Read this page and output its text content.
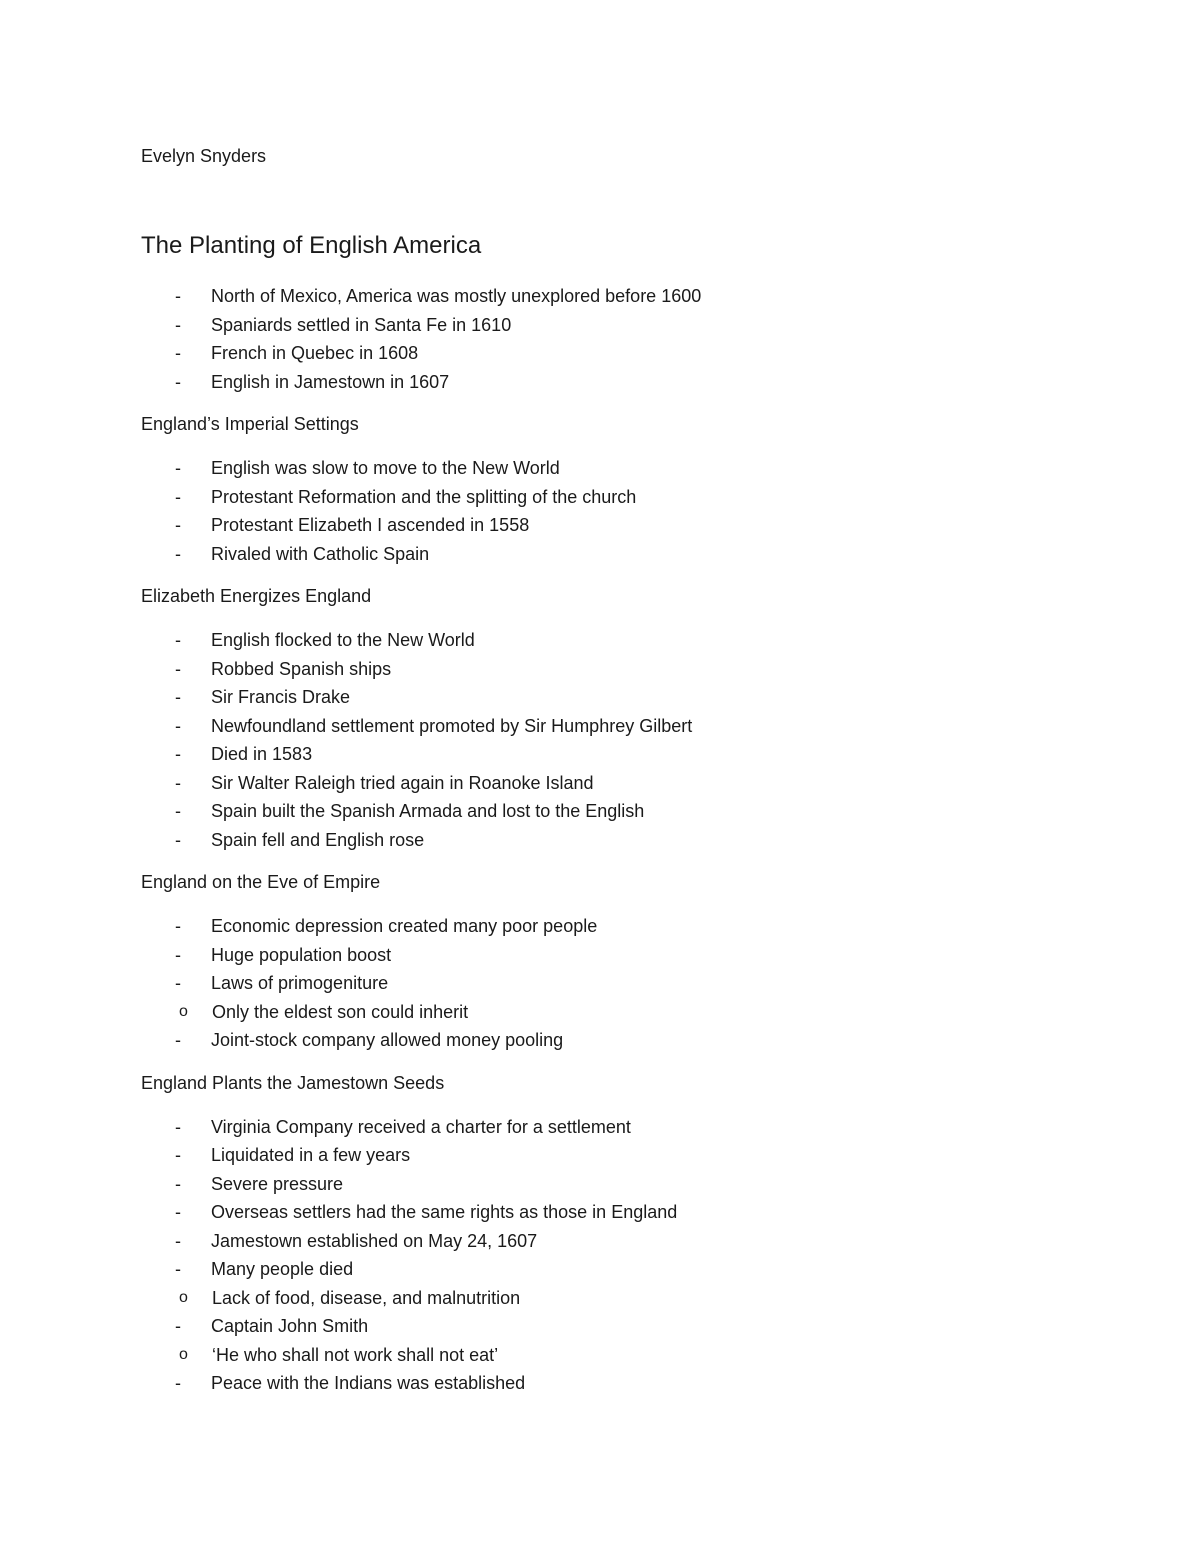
Evelyn Snyders
The Planting of English America
- North of Mexico, America was mostly unexplored before 1600
- Spaniards settled in Santa Fe in 1610
- French in Quebec in 1608
- English in Jamestown in 1607
England’s Imperial Settings
- English was slow to move to the New World
- Protestant Reformation and the splitting of the church
- Protestant Elizabeth I ascended in 1558
- Rivaled with Catholic Spain
Elizabeth Energizes England
- English flocked to the New World
- Robbed Spanish ships
- Sir Francis Drake
- Newfoundland settlement promoted by Sir Humphrey Gilbert
- Died in 1583
- Sir Walter Raleigh tried again in Roanoke Island
- Spain built the Spanish Armada and lost to the English
- Spain fell and English rose
England on the Eve of Empire
- Economic depression created many poor people
- Huge population boost
- Laws of primogeniture
o Only the eldest son could inherit
- Joint-stock company allowed money pooling
England Plants the Jamestown Seeds
- Virginia Company received a charter for a settlement
- Liquidated in a few years
- Severe pressure
- Overseas settlers had the same rights as those in England
- Jamestown established on May 24, 1607
- Many people died
o Lack of food, disease, and malnutrition
- Captain John Smith
o ‘He who shall not work shall not eat’
- Peace with the Indians was established
